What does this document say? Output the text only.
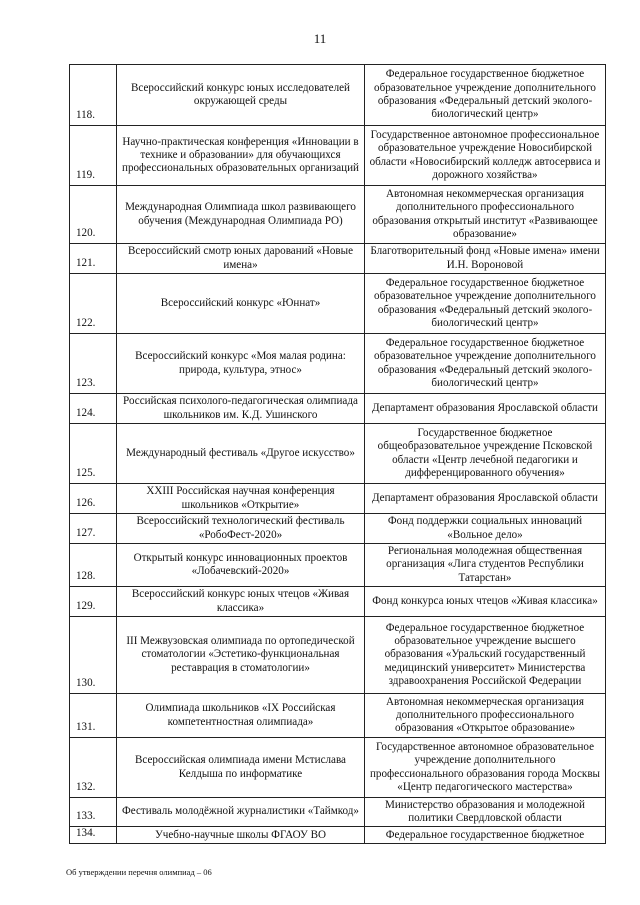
11
118.	Всероссийский конкурс юных исследователей окружающей среды	Федеральное государственное бюджетное образовательное учреждение дополнительного образования «Федеральный детский эколого-биологический центр»
119.	Научно-практическая конференция «Инновации в технике и образовании» для обучающихся профессиональных образовательных организаций	Государственное автономное профессиональное образовательное учреждение Новосибирской области «Новосибирский колледж автосервиса и дорожного хозяйства»
120.	Международная Олимпиада школ развивающего обучения (Международная Олимпиада РО)	Автономная некоммерческая организация дополнительного профессионального образования открытый институт «Развивающее образование»
121.	Всероссийский смотр юных дарований «Новые имена»	Благотворительный фонд «Новые имена» имени И.Н. Вороновой
122.	Всероссийский конкурс «Юннат»	Федеральное государственное бюджетное образовательное учреждение дополнительного образования «Федеральный детский эколого-биологический центр»
123.	Всероссийский конкурс «Моя малая родина: природа, культура, этнос»	Федеральное государственное бюджетное образовательное учреждение дополнительного образования «Федеральный детский эколого-биологический центр»
124.	Российская психолого-педагогическая олимпиада школьников им. К.Д. Ушинского	Департамент образования Ярославской области
125.	Международный фестиваль «Другое искусство»	Государственное бюджетное общеобразовательное учреждение Псковской области «Центр лечебной педагогики и дифференцированного обучения»
126.	XXIII Российская научная конференция школьников «Открытие»	Департамент образования Ярославской области
127.	Всероссийский технологический фестиваль «РобоФест-2020»	Фонд поддержки социальных инноваций «Вольное дело»
128.	Открытый конкурс инновационных проектов «Лобачевский-2020»	Региональная молодежная общественная организация «Лига студентов Республики Татарстан»
129.	Всероссийский конкурс юных чтецов «Живая классика»	Фонд конкурса юных чтецов «Живая классика»
130.	III Межвузовская олимпиада по ортопедической стоматологии «Эстетико-функциональная реставрация в стоматологии»	Федеральное государственное бюджетное образовательное учреждение высшего образования «Уральский государственный медицинский университет» Министерства здравоохранения Российской Федерации
131.	Олимпиада школьников «IX Российская компетентностная олимпиада»	Автономная некоммерческая организация дополнительного профессионального образования «Открытое образование»
132.	Всероссийская олимпиада имени Мстислава Келдыша по информатике	Государственное автономное образовательное учреждение дополнительного профессионального образования города Москвы «Центр педагогического мастерства»
133.	Фестиваль молодёжной журналистики «Таймкод»	Министерство образования и молодежной политики Свердловской области
134.	Учебно-научные школы ФГАОУ ВО	Федеральное государственное бюджетное
Об утверждении перечня олимпиад – 06
